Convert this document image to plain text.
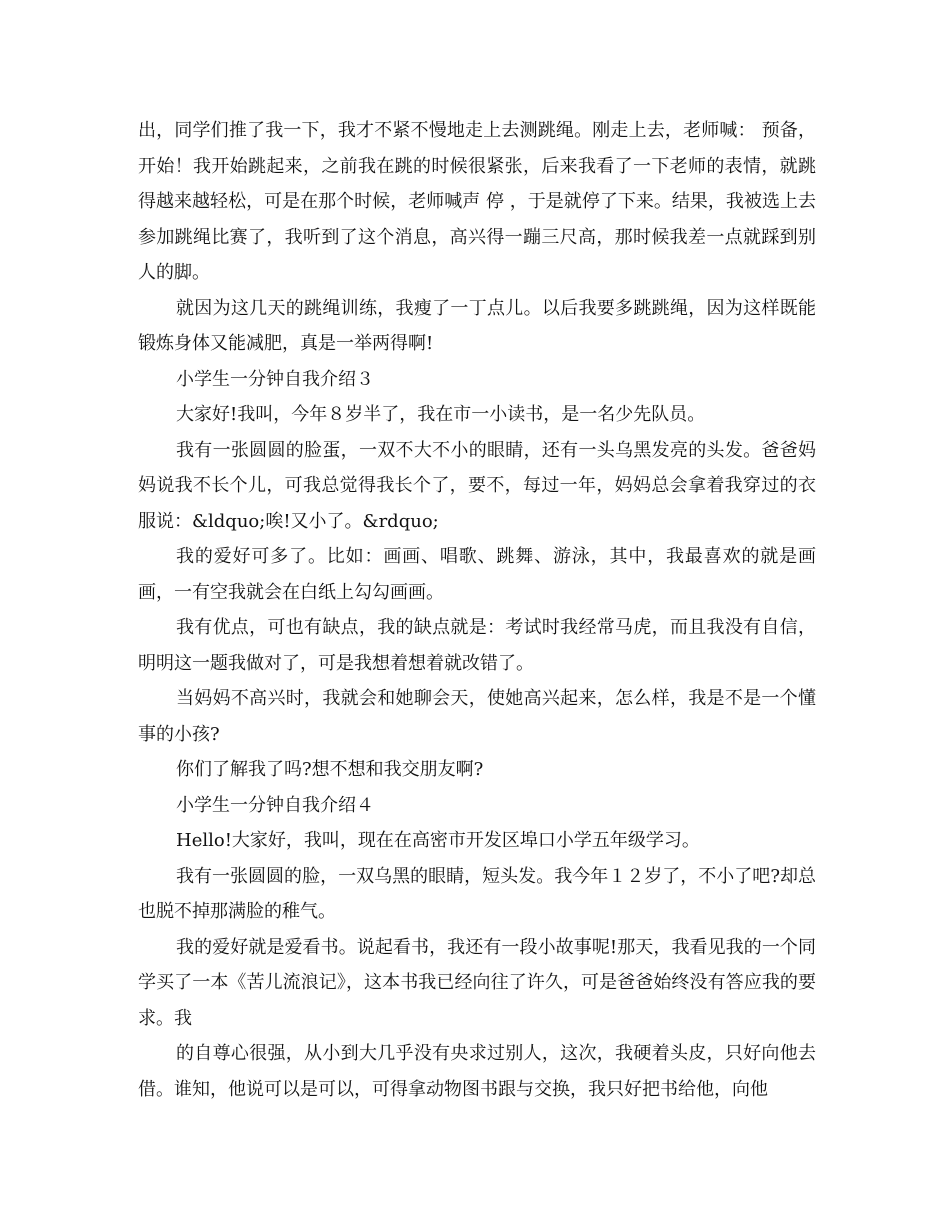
出，同学们推了我一下，我才不紧不慢地走上去测跳绳。刚走上去，老师喊： 预备，开始！我开始跳起来，之前我在跳的时候很紧张，后来我看了一下老师的表情，就跳得越来越轻松，可是在那个时候，老师喊声 停 ，于是就停了下来。结果，我被选上去参加跳绳比赛了，我听到了这个消息，高兴得一蹦三尺高，那时候我差一点就踩到别人的脚。

就因为这几天的跳绳训练，我瘦了一丁点儿。以后我要多跳跳绳，因为这样既能锻炼身体又能减肥，真是一举两得啊!

小学生一分钟自我介绍３

大家好!我叫，今年８岁半了，我在市一小读书，是一名少先队员。

我有一张圆圆的脸蛋，一双不大不小的眼睛，还有一头乌黑发亮的头发。爸爸妈妈说我不长个儿，可我总觉得我长个了，要不，每过一年，妈妈总会拿着我穿过的衣服说：&ldquo;唉!又小了。&rdquo;

我的爱好可多了。比如：画画、唱歌、跳舞、游泳，其中，我最喜欢的就是画画，一有空我就会在白纸上勾勾画画。

我有优点，可也有缺点，我的缺点就是：考试时我经常马虎，而且我没有自信，明明这一题我做对了，可是我想着想着就改错了。

当妈妈不高兴时，我就会和她聊会天，使她高兴起来，怎么样，我是不是一个懂事的小孩?

你们了解我了吗?想不想和我交朋友啊?

小学生一分钟自我介绍４

Hello!大家好，我叫，现在在高密市开发区埠口小学五年级学习。

我有一张圆圆的脸，一双乌黑的眼睛，短头发。我今年１２岁了，不小了吧?却总也脱不掉那满脸的稚气。

我的爱好就是爱看书。说起看书，我还有一段小故事呢!那天，我看见我的一个同学买了一本《苦儿流浪记》，这本书我已经向往了许久，可是爸爸始终没有答应我的要求。我

的自尊心很强，从小到大几乎没有央求过别人，这次，我硬着头皮，只好向他去借。谁知，他说可以是可以，可得拿动物图书跟与交换，我只好把书给他，向他
